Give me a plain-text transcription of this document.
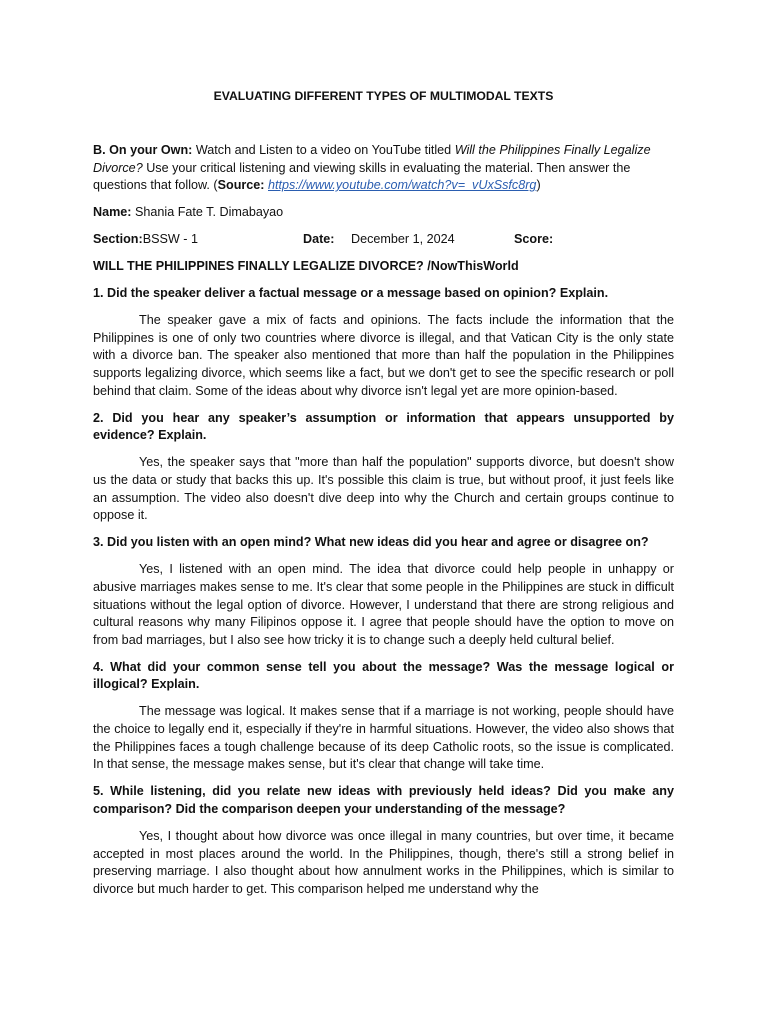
EVALUATING DIFFERENT TYPES OF MULTIMODAL TEXTS

B. On your Own: Watch and Listen to a video on YouTube titled Will the Philippines Finally Legalize Divorce? Use your critical listening and viewing skills in evaluating the material. Then answer the questions that follow. (Source: https://www.youtube.com/watch?v=_vUxSsfc8rg)

Name: Shania Fate T. Dimabayao
Section: BSSW - 1	Date: December 1, 2024	Score:

WILL THE PHILIPPINES FINALLY LEGALIZE DIVORCE? /NowThisWorld

1. Did the speaker deliver a factual message or a message based on opinion? Explain.

The speaker gave a mix of facts and opinions. The facts include the information that the Philippines is one of only two countries where divorce is illegal, and that Vatican City is the only state with a divorce ban. The speaker also mentioned that more than half the population in the Philippines supports legalizing divorce, which seems like a fact, but we don't get to see the specific research or poll behind that claim. Some of the ideas about why divorce isn't legal yet are more opinion-based.

2. Did you hear any speaker’s assumption or information that appears unsupported by evidence? Explain.

Yes, the speaker says that "more than half the population" supports divorce, but doesn't show us the data or study that backs this up. It's possible this claim is true, but without proof, it just feels like an assumption. The video also doesn't dive deep into why the Church and certain groups continue to oppose it.

3. Did you listen with an open mind? What new ideas did you hear and agree or disagree on?

Yes, I listened with an open mind. The idea that divorce could help people in unhappy or abusive marriages makes sense to me. It's clear that some people in the Philippines are stuck in difficult situations without the legal option of divorce. However, I understand that there are strong religious and cultural reasons why many Filipinos oppose it. I agree that people should have the option to move on from bad marriages, but I also see how tricky it is to change such a deeply held cultural belief.

4. What did your common sense tell you about the message? Was the message logical or illogical? Explain.

The message was logical. It makes sense that if a marriage is not working, people should have the choice to legally end it, especially if they're in harmful situations. However, the video also shows that the Philippines faces a tough challenge because of its deep Catholic roots, so the issue is complicated. In that sense, the message makes sense, but it's clear that change will take time.

5. While listening, did you relate new ideas with previously held ideas? Did you make any comparison? Did the comparison deepen your understanding of the message?

Yes, I thought about how divorce was once illegal in many countries, but over time, it became accepted in most places around the world. In the Philippines, though, there's still a strong belief in preserving marriage. I also thought about how annulment works in the Philippines, which is similar to divorce but much harder to get. This comparison helped me understand why the
